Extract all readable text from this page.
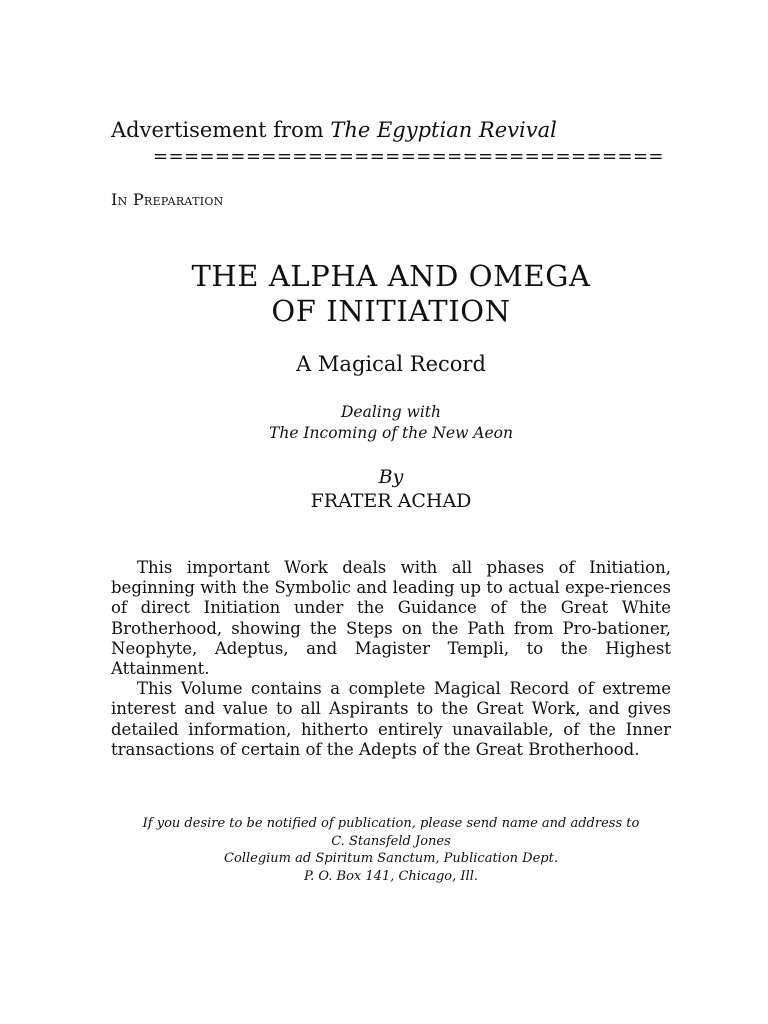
Advertisement from The Egyptian Revival
=================================
In Preparation
THE ALPHA AND OMEGA
OF INITIATION
A Magical Record
Dealing with
The Incoming of the New Aeon
By
FRATER ACHAD

This important Work deals with all phases of Initiation, beginning with the Symbolic and leading up to actual expe-riences of direct Initiation under the Guidance of the Great White Brotherhood, showing the Steps on the Path from Pro-bationer, Neophyte, Adeptus, and Magister Templi, to the Highest Attainment.

This Volume contains a complete Magical Record of extreme interest and value to all Aspirants to the Great Work, and gives detailed information, hitherto entirely unavailable, of the Inner transactions of certain of the Adepts of the Great Brotherhood.

If you desire to be notified of publication, please send name and address to
C. Stansfeld Jones
Collegium ad Spiritum Sanctum, Publication Dept.
P. O. Box 141, Chicago, Ill.
